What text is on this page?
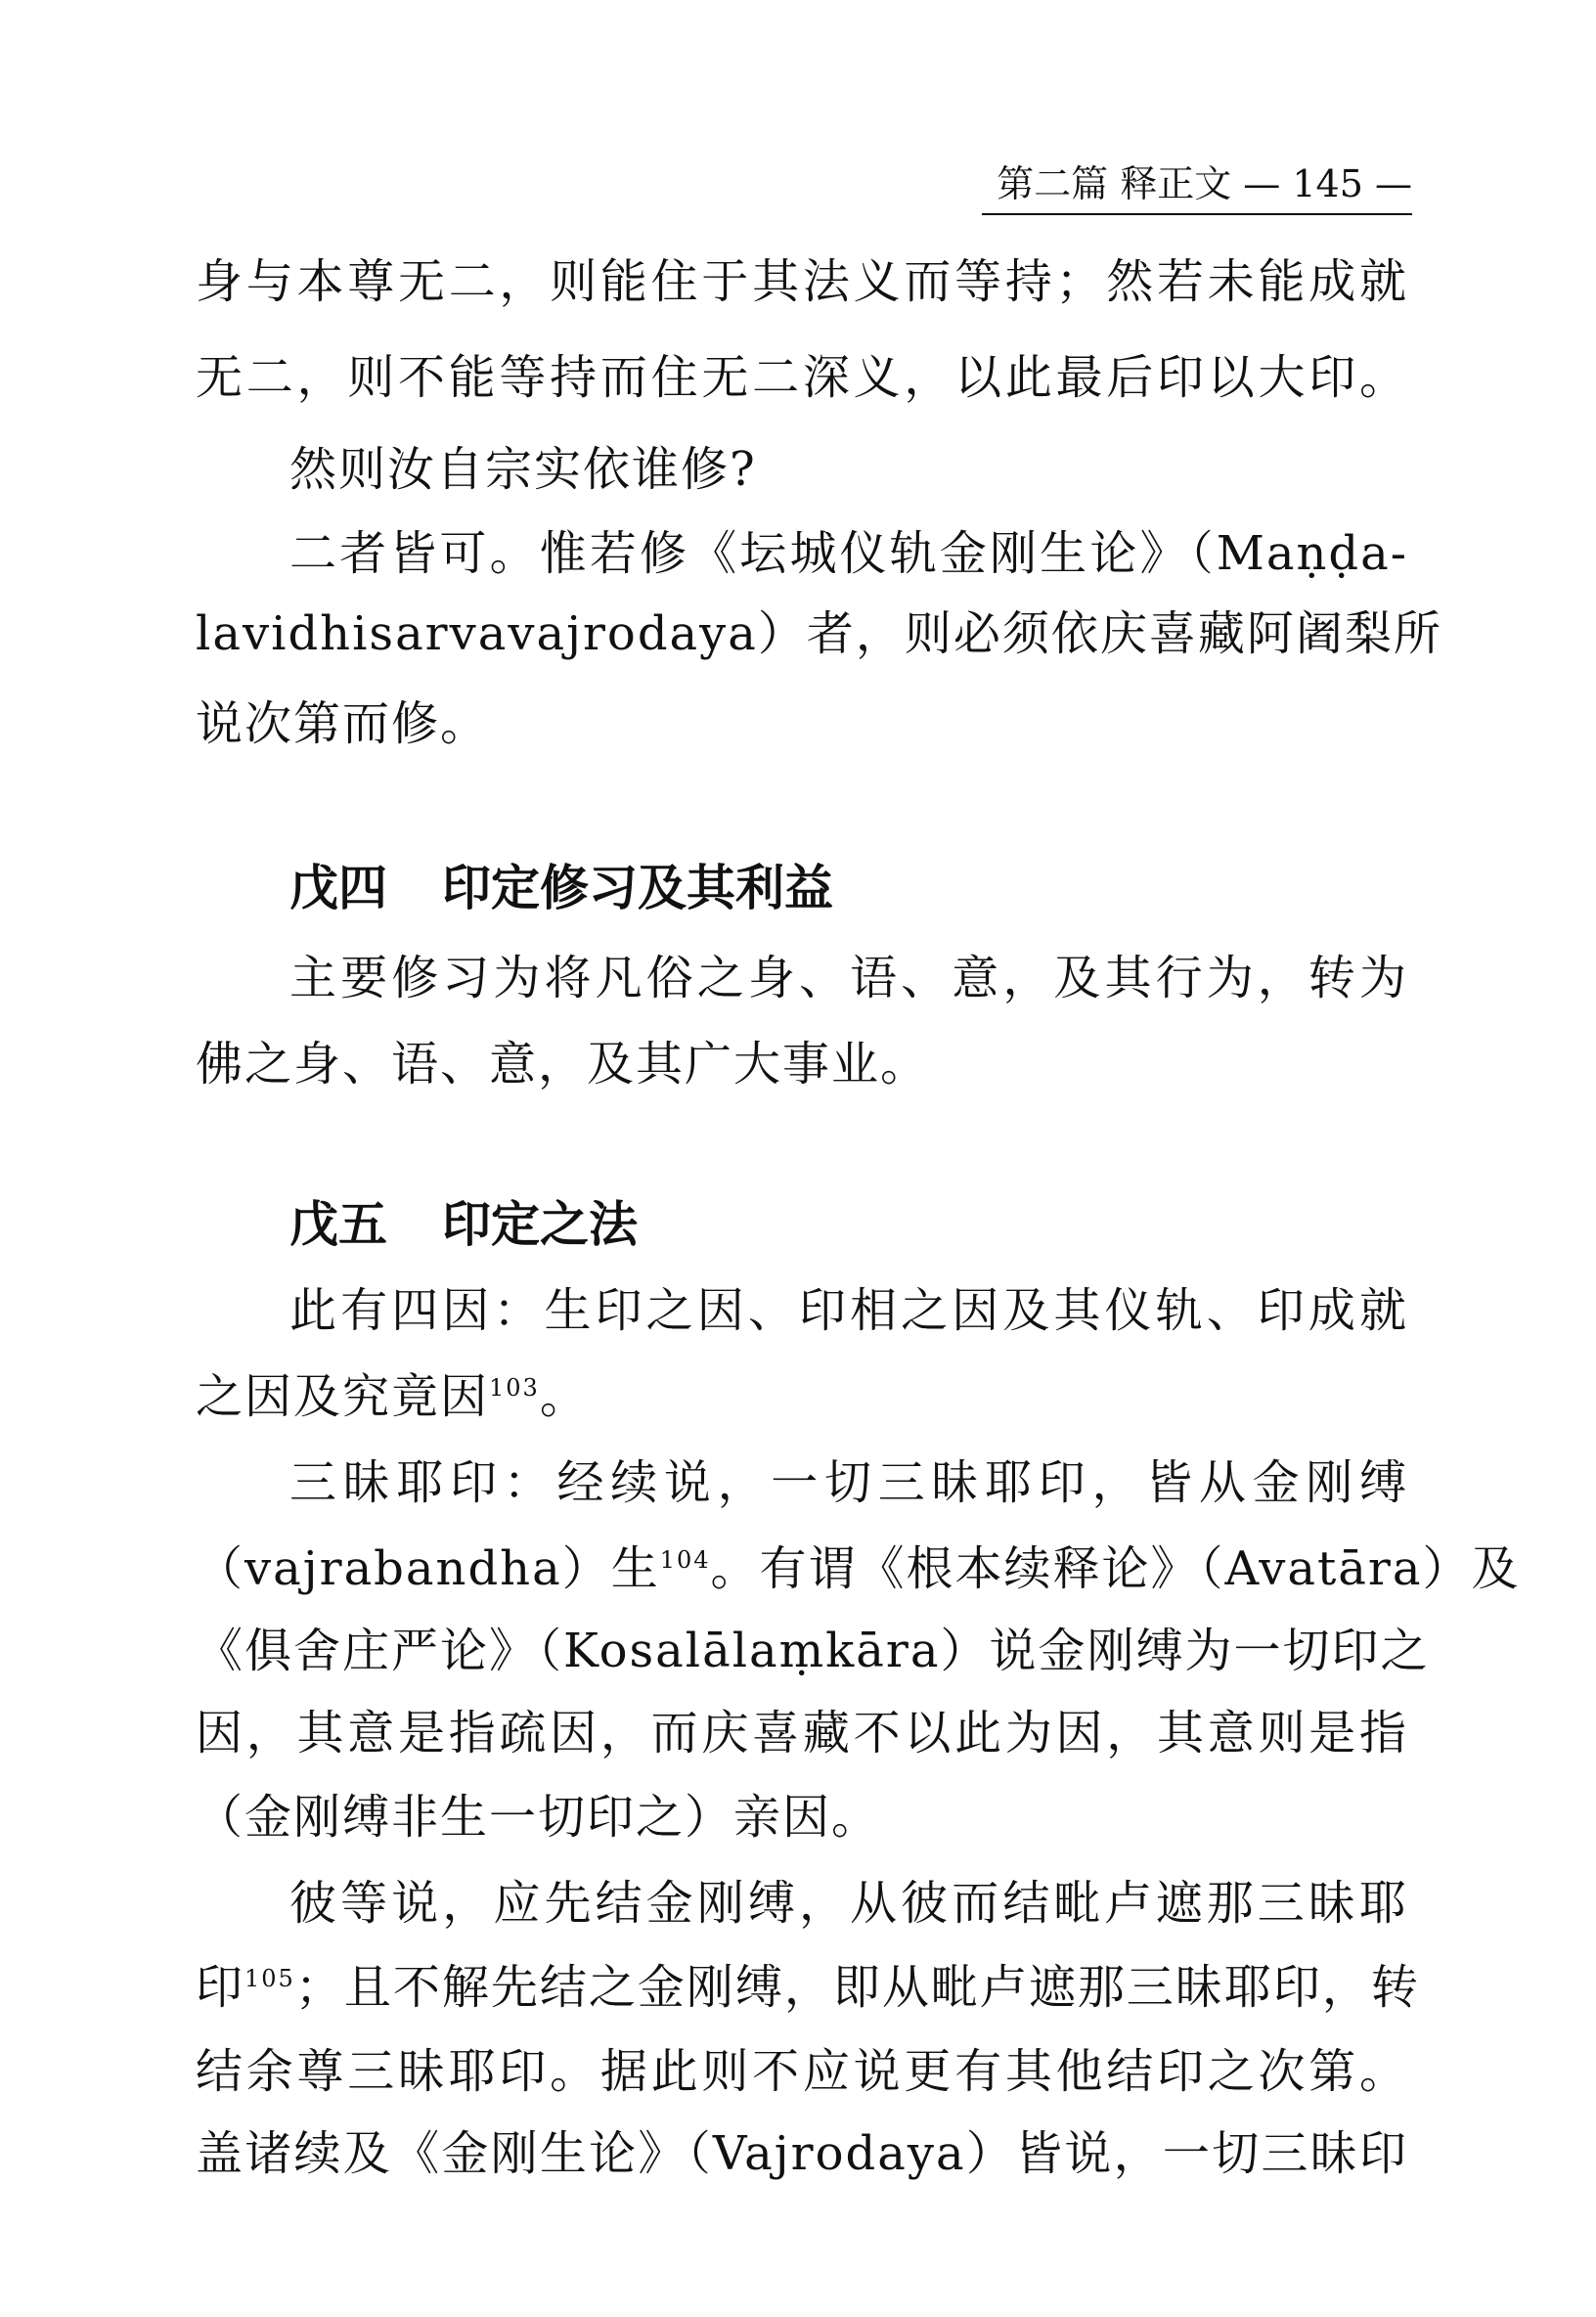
第二篇 释正文 — 145 —
身与本尊无二，则能住于其法义而等持；然若未能成就
无二，则不能等持而住无二深义，以此最后印以大印。
然则汝自宗实依谁修?
二者皆可。惟若修《坛城仪轨金刚生论》（Maṇḍa-
lavidhisarvavajrodaya）者，则必须依庆喜藏阿阇梨所
说次第而修。
戊四 印定修习及其利益
主要修习为将凡俗之身、语、意，及其行为，转为
佛之身、语、意，及其广大事业。
戊五 印定之法
此有四因：生印之因、印相之因及其仪轨、印成就
之因及究竟因$^{103}$。
三昧耶印：经续说，一切三昧耶印，皆从金刚缚
（vajrabandha）生$^{104}$。有谓《根本续释论》（Avatāra）及
《俱舍庄严论》（Kosalālaṃkāra）说金刚缚为一切印之
因，其意是指疏因，而庆喜藏不以此为因，其意则是指
（金刚缚非生一切印之）亲因。
彼等说，应先结金刚缚，从彼而结毗卢遮那三昧耶
印$^{105}$；且不解先结之金刚缚，即从毗卢遮那三昧耶印，转
结余尊三昧耶印。据此则不应说更有其他结印之次第。
盖诸续及《金刚生论》（Vajrodaya）皆说，一切三昧印
